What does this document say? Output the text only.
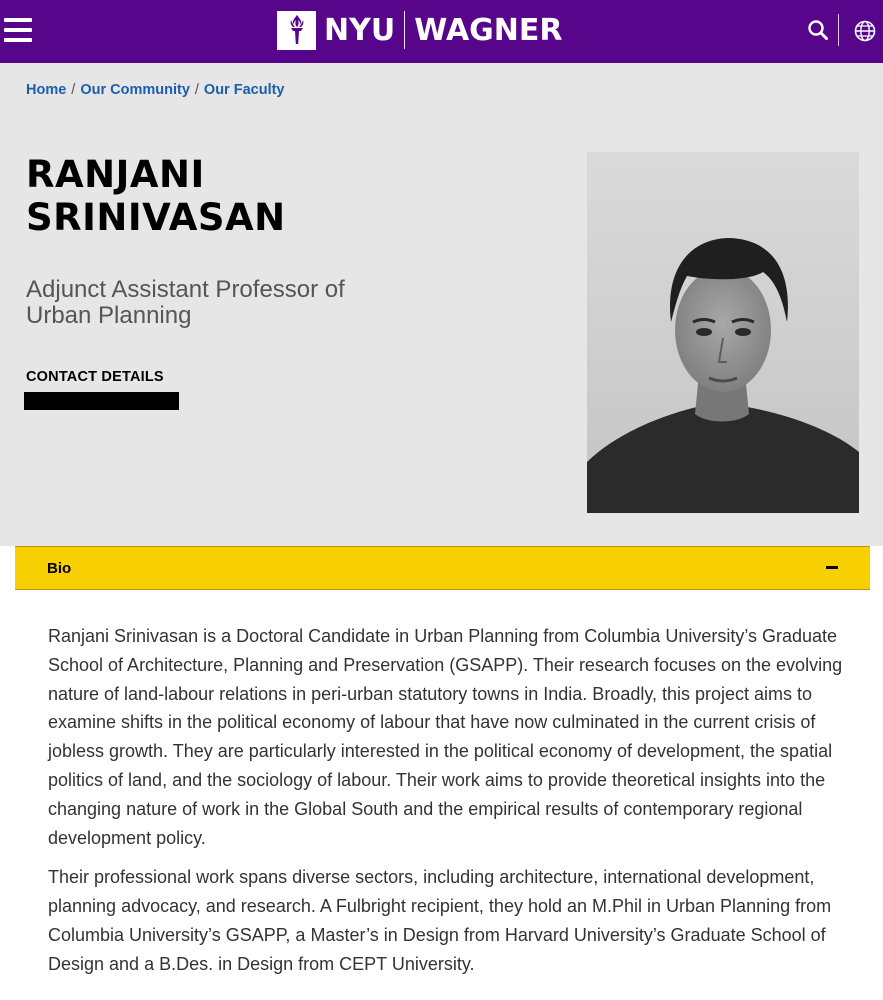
NYU WAGNER
Home / Our Community / Our Faculty
RANJANI
SRINIVASAN
Adjunct Assistant Professor of Urban Planning
CONTACT DETAILS
Bio

Ranjani Srinivasan is a Doctoral Candidate in Urban Planning from Columbia University’s Graduate School of Architecture, Planning and Preservation (GSAPP). Their research focuses on the evolving nature of land-labour relations in peri-urban statutory towns in India. Broadly, this project aims to examine shifts in the political economy of labour that have now culminated in the current crisis of jobless growth. They are particularly interested in the political economy of development, the spatial politics of land, and the sociology of labour. Their work aims to provide theoretical insights into the changing nature of work in the Global South and the empirical results of contemporary regional development policy.

Their professional work spans diverse sectors, including architecture, international development, planning advocacy, and research. A Fulbright recipient, they hold an M.Phil in Urban Planning from Columbia University’s GSAPP, a Master’s in Design from Harvard University’s Graduate School of Design and a B.Des. in Design from CEPT University.
